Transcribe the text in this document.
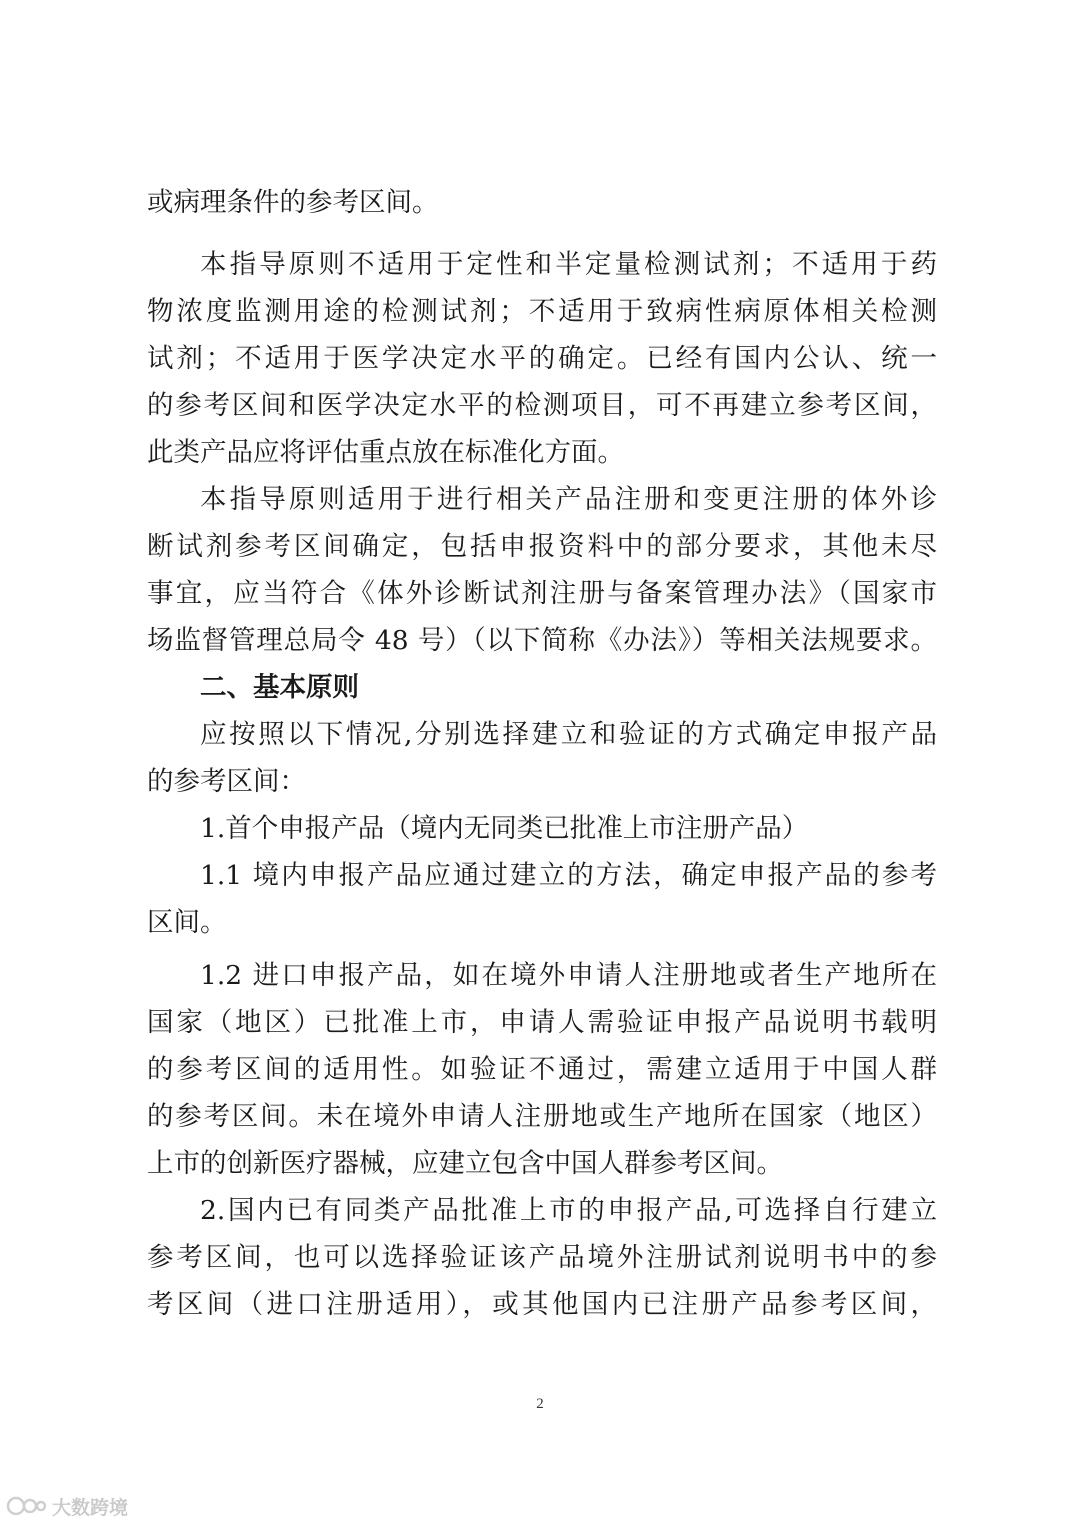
或病理条件的参考区间。
本指导原则不适用于定性和半定量检测试剂；不适用于药
物浓度监测用途的检测试剂；不适用于致病性病原体相关检测
试剂；不适用于医学决定水平的确定。已经有国内公认、统一
的参考区间和医学决定水平的检测项目，可不再建立参考区间，
此类产品应将评估重点放在标准化方面。
本指导原则适用于进行相关产品注册和变更注册的体外诊
断试剂参考区间确定，包括申报资料中的部分要求，其他未尽
事宜，应当符合《体外诊断试剂注册与备案管理办法》（国家市
场监督管理总局令 48 号）（以下简称《办法》）等相关法规要求。
二、基本原则
应按照以下情况,分别选择建立和验证的方式确定申报产品
的参考区间：
1.首个申报产品（境内无同类已批准上市注册产品）
1.1 境内申报产品应通过建立的方法，确定申报产品的参考
区间。
1.2 进口申报产品，如在境外申请人注册地或者生产地所在
国家（地区）已批准上市，申请人需验证申报产品说明书载明
的参考区间的适用性。如验证不通过，需建立适用于中国人群
的参考区间。未在境外申请人注册地或生产地所在国家（地区）
上市的创新医疗器械，应建立包含中国人群参考区间。
2.国内已有同类产品批准上市的申报产品,可选择自行建立
参考区间，也可以选择验证该产品境外注册试剂说明书中的参
考区间（进口注册适用），或其他国内已注册产品参考区间，
2
大数跨境
